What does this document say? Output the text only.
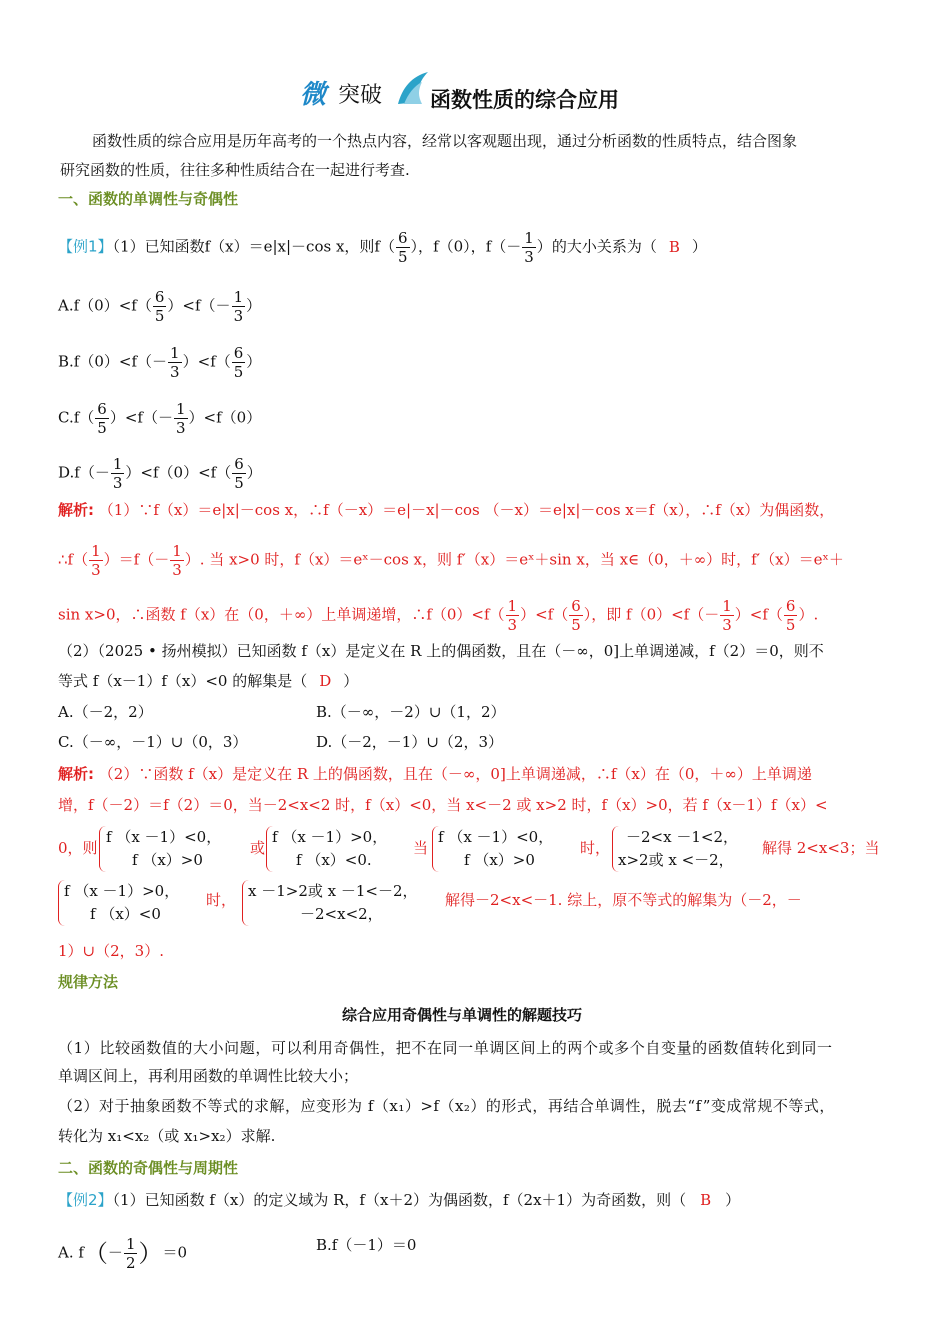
微 突破 函数性质的综合应用
函数性质的综合应用是历年高考的一个热点内容，经常以客观题出现，通过分析函数的性质特点，结合图象
研究函数的性质，往往多种性质结合在一起进行考查.
一、函数的单调性与奇偶性
【例1】（1）已知函数f（x）＝e|x|－cos x，则$f( \frac{6}{5}$ ），f（0），$f(- \frac{1}{3}$ ）的大小关系为（ B ）
$A.f(0)<f( \frac{6}{5} )<f(- \frac{1}{3}$ ）
$B.f(0)<f(- \frac{1}{3} )<f( \frac{6}{5}$ ）
$C.f( \frac{6}{5} )<f(- \frac{1}{3} )<f(0)$
$D.f(- \frac{1}{3} )<f(0)<f( \frac{6}{5}$ ）
解析: （1）∵f（x）＝e|x|－cos x，∴f（－x）＝e|－x|－cos （－x）＝e|x|－cos x＝f（x），∴f（x）为偶函数，
∴f（ $\frac{1}{3} )=f(- \frac{1}{3}$ ）. 当 x>0 时，f（x）＝eˣ－cos x，则 f′（x）＝eˣ＋sin x，当 x∈（0，＋∞）时，f′（x）＝eˣ＋
sin x>0，∴函数 f（x）在（0，＋∞）上单调递增，∴f（0）<f（ $\frac{1}{3} )<f( \frac{6}{5}$ ），即 $f(0)<f(- \frac{1}{3} )<f( \frac{6}{5}$ ）.
（2）（2025 • 扬州模拟）已知函数 f（x）是定义在 R 上的偶函数，且在（－∞，0]上单调递减，f（2）＝0，则不
等式 f（x－1）f（x）<0 的解集是（ D ）
A.（－2，2）	B.（－∞，－2）∪（1，2）
C.（－∞，－1）∪（0，3）	D.（－2，－1）∪（2，3）
解析: （2）∵函数 f（x）是定义在 R 上的偶函数，且在（－∞，0]上单调递减，∴f（x）在（0，＋∞）上单调递
增，f（－2）＝f（2）＝0，当－2<x<2 时，f（x）<0，当 x<－2 或 x>2 时，f（x）>0，若 f（x－1）f（x）<
0，则
f （x －1）<0，
f （x）>0
或
f （x －1）>0，
f （x）<0.
当
f （x －1）<0，
f （x）>0
时，
－2<x －1<2，
x>2或 x <－2，
解得 2<x<3；当
f （x －1）>0，
f （x）<0
时， x －1>2或 x －1<－2，
－2<x<2，
解得－2<x<－1. 综上，原不等式的解集为（－2，－
1）∪（2，3）.
规律方法
综合应用奇偶性与单调性的解题技巧
（1）比较函数值的大小问题，可以利用奇偶性，把不在同一单调区间上的两个或多个自变量的函数值转化到同一
单调区间上，再利用函数的单调性比较大小；
（2）对于抽象函数不等式的求解，应变形为 f（x₁）>f（x₂）的形式，再结合单调性，脱去“f”变成常规不等式，
转化为 x₁<x₂（或 x₁>x₂）求解.
二、函数的奇偶性与周期性
【例2】（1）已知函数 f（x）的定义域为 R，f（x＋2）为偶函数，f（2x＋1）为奇函数，则（ B ）
A. $f(- \frac{1}{2} )=0$	B.f（－1）＝0
